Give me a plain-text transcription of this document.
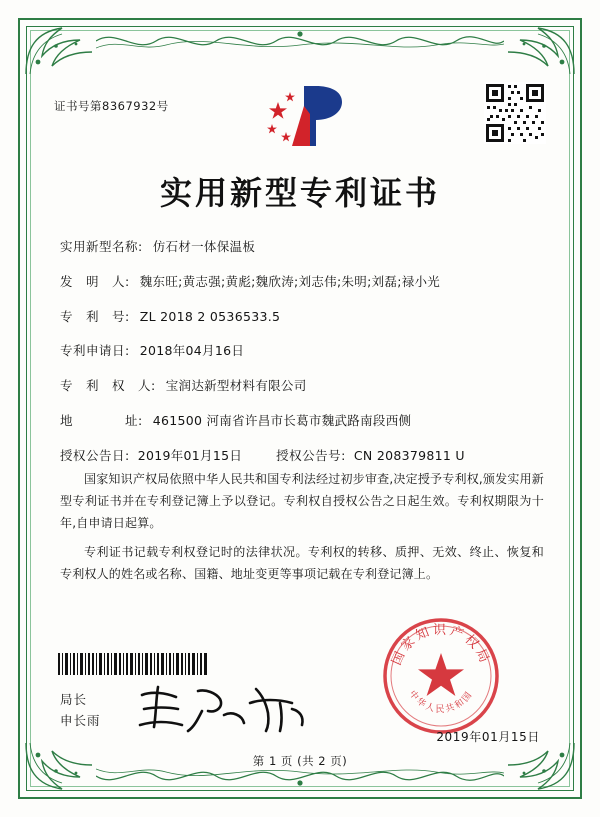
证书号第8367932号
实用新型专利证书
实用新型名称: 仿石材一体保温板
发　明　人: 魏东旺;黄志强;黄彪;魏欣涛;刘志伟;朱明;刘磊;禄小光
专　利　号: ZL 2018 2 0536533.5
专利申请日: 2018年04月16日
专　利　权　人: 宝润达新型材料有限公司
地　　　　址: 461500 河南省许昌市长葛市魏武路南段西侧
授权公告日: 2019年01月15日	授权公告号: CN 208379811 U

国家知识产权局依照中华人民共和国专利法经过初步审查,决定授予专利权,颁发实用新型专利证书并在专利登记簿上予以登记。专利权自授权公告之日起生效。专利权期限为十年,自申请日起算。

专利证书记载专利权登记时的法律状况。专利权的转移、质押、无效、终止、恢复和专利权人的姓名或名称、国籍、地址变更等事项记载在专利登记簿上。

局长
申长雨
国家知识产权局
中华人民共和国
2019年01月15日
第 1 页 (共 2 页)
